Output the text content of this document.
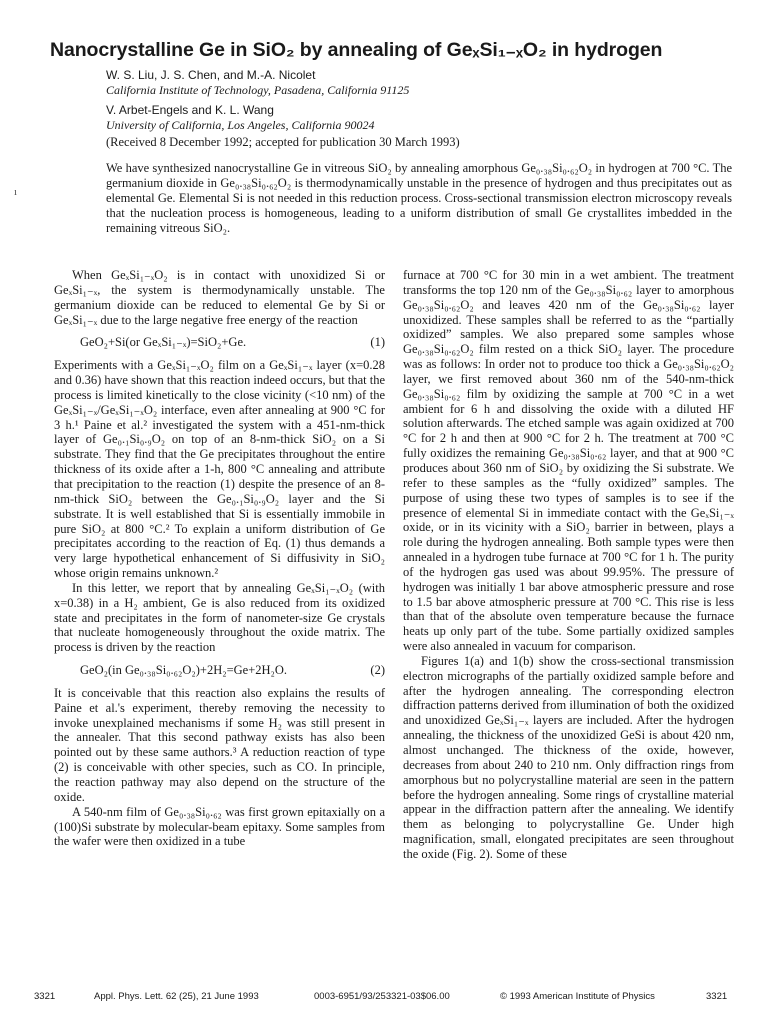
Nanocrystalline Ge in SiO₂ by annealing of GeₓSi₁₋ₓO₂ in hydrogen
W. S. Liu, J. S. Chen, and M.-A. Nicolet
California Institute of Technology, Pasadena, California 91125
V. Arbet-Engels and K. L. Wang
University of California, Los Angeles, California 90024
(Received 8 December 1992; accepted for publication 30 March 1993)
ı
We have synthesized nanocrystalline Ge in vitreous SiO₂ by annealing amorphous Ge₀.₃₈Si₀.₆₂O₂ in hydrogen at 700 °C. The germanium dioxide in Ge₀.₃₈Si₀.₆₂O₂ is thermodynamically unstable in the presence of hydrogen and thus precipitates out as elemental Ge. Elemental Si is not needed in this reduction process. Cross-sectional transmission electron microscopy reveals that the nucleation process is homogeneous, leading to a uniform distribution of small Ge crystallites imbedded in the remaining vitreous SiO₂.

When GeₓSi₁₋ₓO₂ is in contact with unoxidized Si or GeₓSi₁₋ₓ, the system is thermodynamically unstable. The germanium dioxide can be reduced to elemental Ge by Si or GeₓSi₁₋ₓ due to the large negative free energy of the reaction

GeO₂+Si(or GeₓSi₁₋ₓ)=SiO₂+Ge.	(1)

Experiments with a GeₓSi₁₋ₓO₂ film on a GeₓSi₁₋ₓ layer (x=0.28 and 0.36) have shown that this reaction indeed occurs, but that the process is limited kinetically to the close vicinity (<10 nm) of the GeₓSi₁₋ₓ/GeₓSi₁₋ₓO₂ interface, even after annealing at 900 °C for 3 h.¹ Paine et al.² investigated the system with a 451-nm-thick layer of Ge₀.₁Si₀.₉O₂ on top of an 8-nm-thick SiO₂ on a Si substrate. They find that the Ge precipitates throughout the entire thickness of its oxide after a 1-h, 800 °C annealing and attribute that precipitation to the reaction (1) despite the presence of an 8-nm-thick SiO₂ between the Ge₀.₁Si₀.₉O₂ layer and the Si substrate. It is well established that Si is essentially immobile in pure SiO₂ at 800 °C.² To explain a uniform distribution of Ge precipitates according to the reaction of Eq. (1) thus demands a very large hypothetical enhancement of Si diffusivity in SiO₂ whose origin remains unknown.²

In this letter, we report that by annealing GeₓSi₁₋ₓO₂ (with x=0.38) in a H₂ ambient, Ge is also reduced from its oxidized state and precipitates in the form of nanometer-size Ge crystals that nucleate homogeneously throughout the oxide matrix. The process is driven by the reaction

GeO₂(in Ge₀.₃₈Si₀.₆₂O₂)+2H₂=Ge+2H₂O.	(2)

It is conceivable that this reaction also explains the results of Paine et al.'s experiment, thereby removing the necessity to invoke unexplained mechanisms if some H₂ was still present in the annealer. That this second pathway exists has also been pointed out by these same authors.³ A reduction reaction of type (2) is conceivable with other species, such as CO. In principle, the reaction pathway may also depend on the structure of the oxide.

A 540-nm film of Ge₀.₃₈Si₀.₆₂ was first grown epitaxially on a (100)Si substrate by molecular-beam epitaxy. Some samples from the wafer were then oxidized in a tube

furnace at 700 °C for 30 min in a wet ambient. The treatment transforms the top 120 nm of the Ge₀.₃₈Si₀.₆₂ layer to amorphous Ge₀.₃₈Si₀.₆₂O₂ and leaves 420 nm of the Ge₀.₃₈Si₀.₆₂ layer unoxidized. These samples shall be referred to as the “partially oxidized” samples. We also prepared some samples whose Ge₀.₃₈Si₀.₆₂O₂ film rested on a thick SiO₂ layer. The procedure was as follows: In order not to produce too thick a Ge₀.₃₈Si₀.₆₂O₂ layer, we first removed about 360 nm of the 540-nm-thick Ge₀.₃₈Si₀.₆₂ film by oxidizing the sample at 700 °C in a wet ambient for 6 h and dissolving the oxide with a diluted HF solution afterwards. The etched sample was again oxidized at 700 °C for 2 h and then at 900 °C for 2 h. The treatment at 700 °C fully oxidizes the remaining Ge₀.₃₈Si₀.₆₂ layer, and that at 900 °C produces about 360 nm of SiO₂ by oxidizing the Si substrate. We refer to these samples as the “fully oxidized” samples. The purpose of using these two types of samples is to see if the presence of elemental Si in immediate contact with the GeₓSi₁₋ₓ oxide, or in its vicinity with a SiO₂ barrier in between, plays a role during the hydrogen annealing. Both sample types were then annealed in a hydrogen tube furnace at 700 °C for 1 h. The purity of the hydrogen gas used was about 99.95%. The pressure of hydrogen was initially 1 bar above atmospheric pressure and rose to 1.5 bar above atmospheric pressure at 700 °C. This rise is less than that of the absolute oven temperature because the furnace heats up only part of the tube. Some partially oxidized samples were also annealed in vacuum for comparison.

Figures 1(a) and 1(b) show the cross-sectional transmission electron micrographs of the partially oxidized sample before and after the hydrogen annealing. The corresponding electron diffraction patterns derived from illumination of both the oxidized and unoxidized GeₓSi₁₋ₓ layers are included. After the hydrogen annealing, the thickness of the unoxidized GeSi is about 420 nm, almost unchanged. The thickness of the oxide, however, decreases from about 240 to 210 nm. Only diffraction rings from amorphous but no polycrystalline material are seen in the pattern before the hydrogen annealing. Some rings of crystalline material appear in the diffraction pattern after the annealing. We identify them as belonging to polycrystalline Ge. Under high magnification, small, elongated precipitates are seen throughout the oxide (Fig. 2). Some of these

3321	Appl. Phys. Lett. 62 (25), 21 June 1993	0003-6951/93/253321-03$06.00	© 1993 American Institute of Physics	3321
